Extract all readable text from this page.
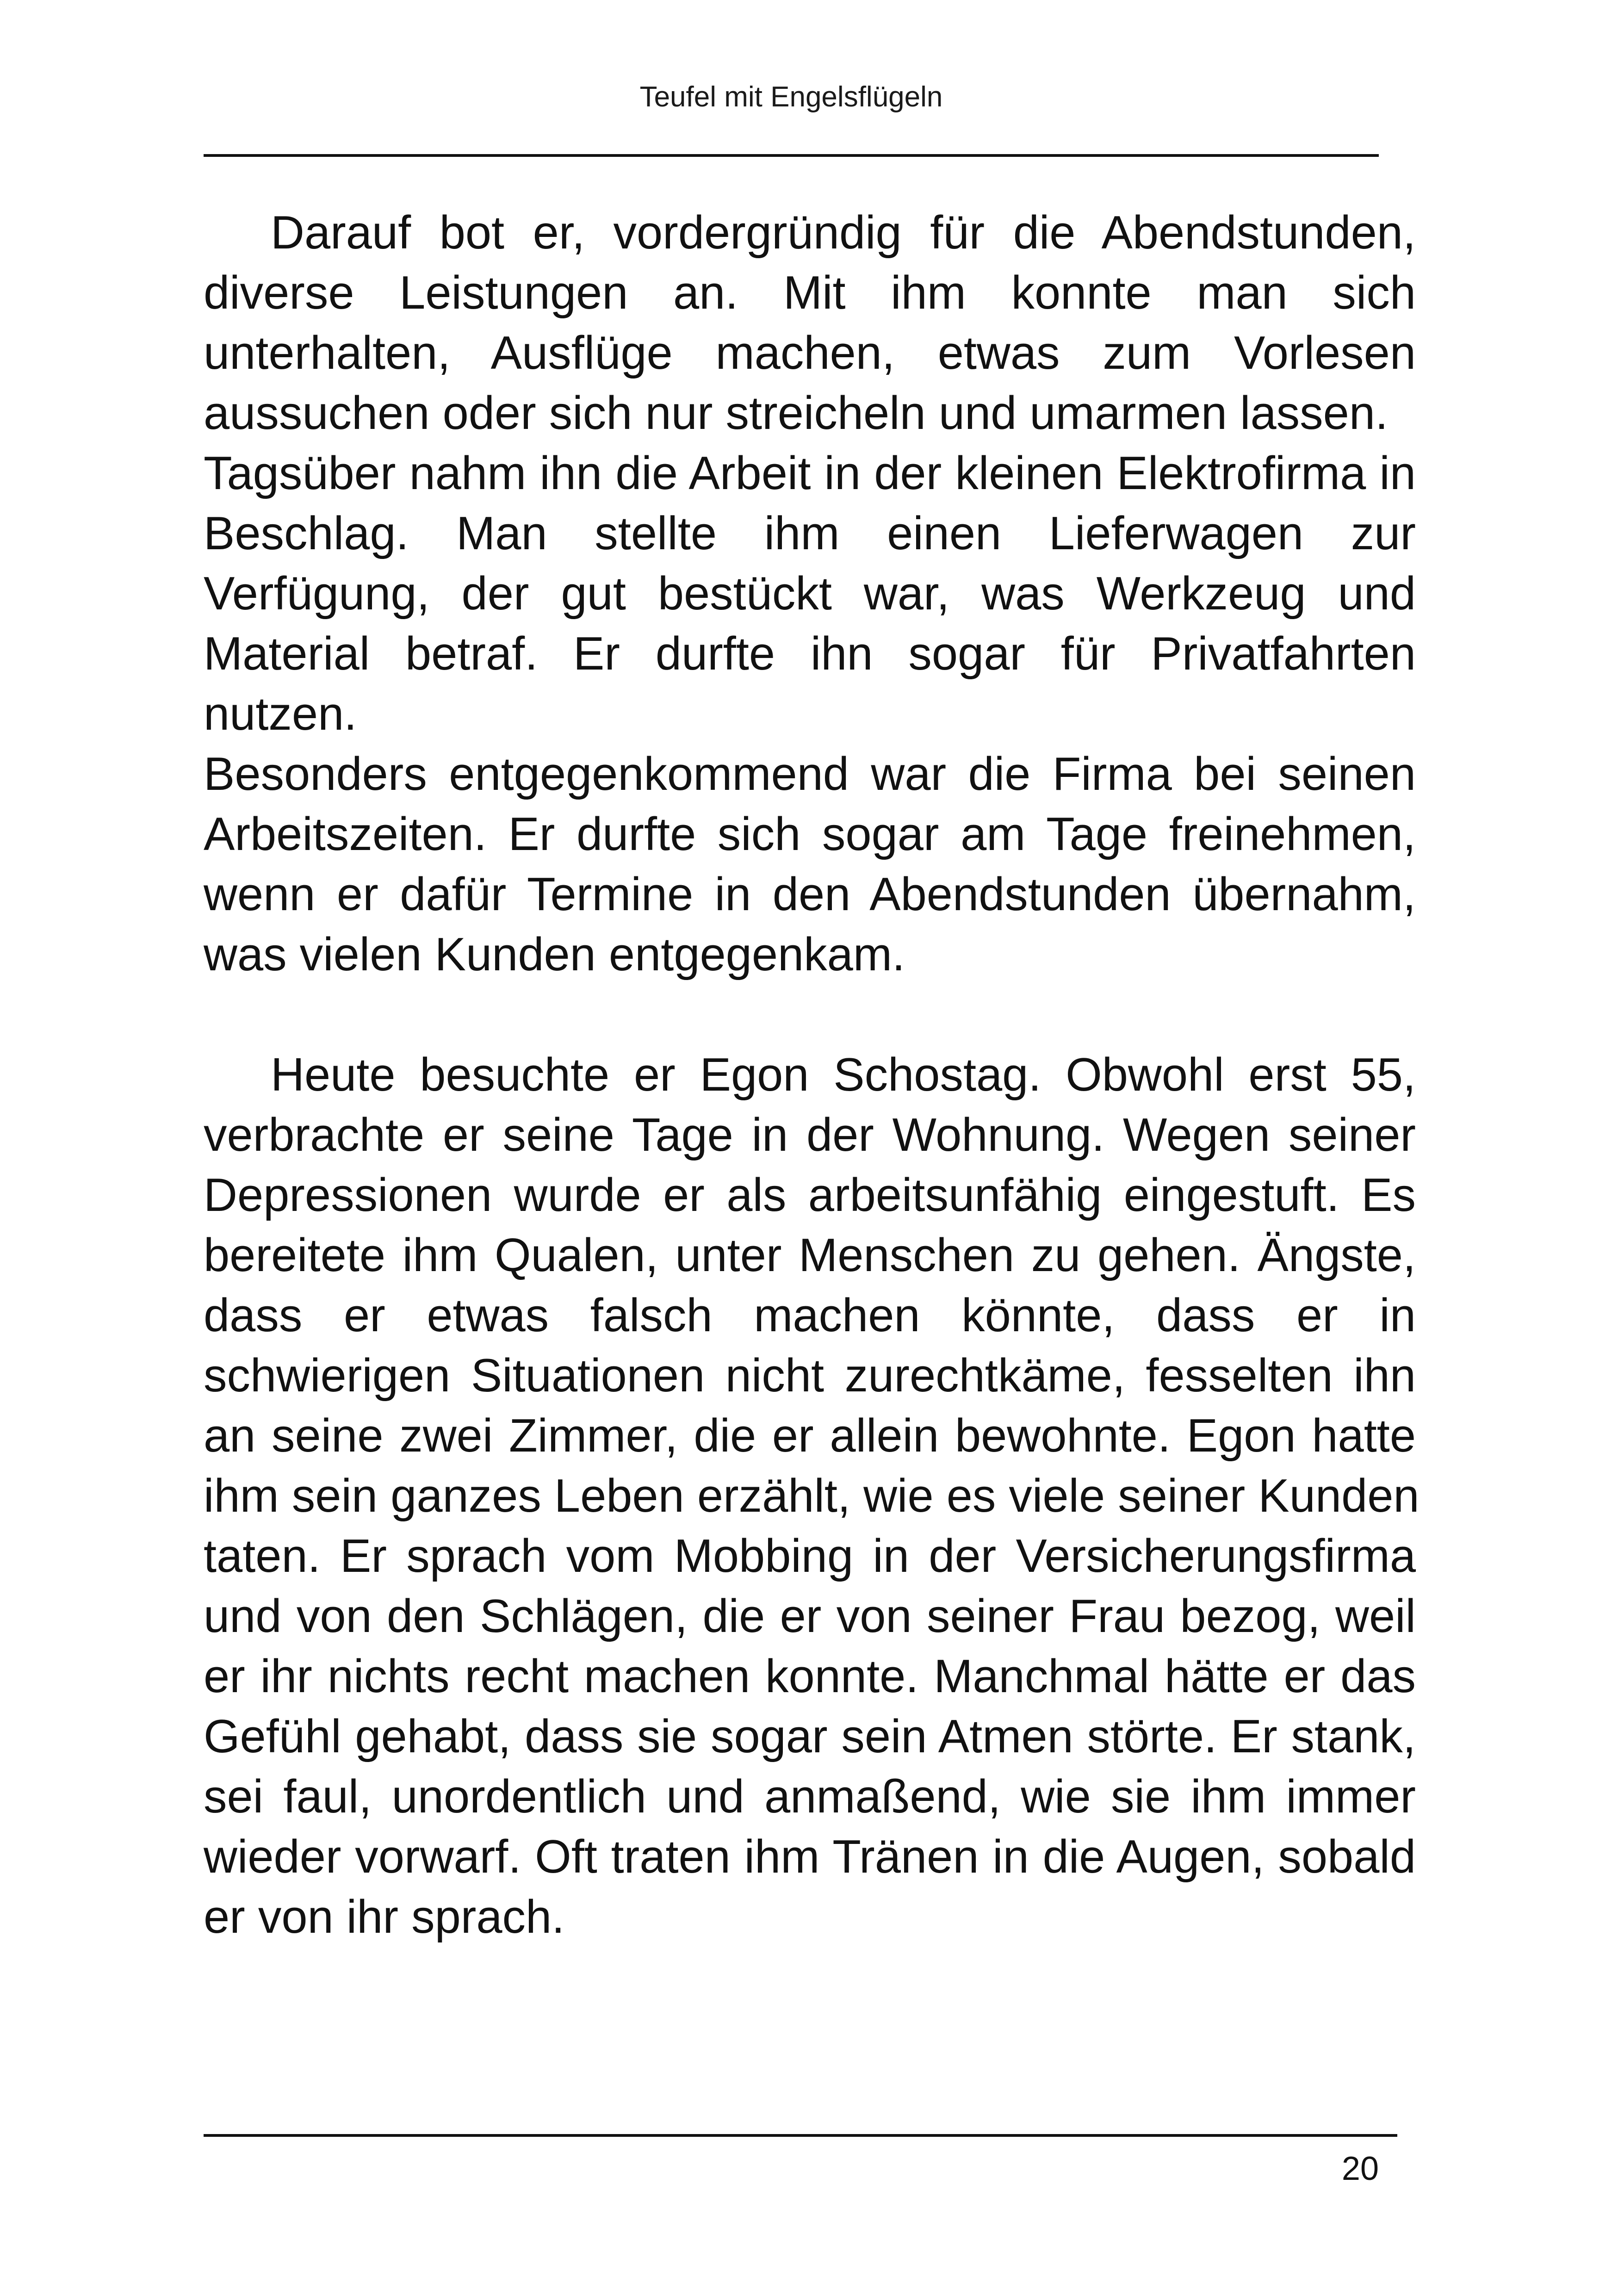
Teufel mit Engelsflügeln
Darauf bot er, vordergründig für die Abendstunden,
diverse Leistungen an. Mit ihm konnte man sich
unterhalten, Ausflüge machen, etwas zum Vorlesen
aussuchen oder sich nur streicheln und umarmen lassen.
Tagsüber nahm ihn die Arbeit in der kleinen Elektrofirma in
Beschlag. Man stellte ihm einen Lieferwagen zur
Verfügung, der gut bestückt war, was Werkzeug und
Material betraf. Er durfte ihn sogar für Privatfahrten
nutzen.
Besonders entgegenkommend war die Firma bei seinen
Arbeitszeiten. Er durfte sich sogar am Tage freinehmen,
wenn er dafür Termine in den Abendstunden übernahm,
was vielen Kunden entgegenkam.
Heute besuchte er Egon Schostag. Obwohl erst 55,
verbrachte er seine Tage in der Wohnung. Wegen seiner
Depressionen wurde er als arbeitsunfähig eingestuft. Es
bereitete ihm Qualen, unter Menschen zu gehen. Ängste,
dass er etwas falsch machen könnte, dass er in
schwierigen Situationen nicht zurechtkäme, fesselten ihn
an seine zwei Zimmer, die er allein bewohnte. Egon hatte
ihm sein ganzes Leben erzählt, wie es viele seiner Kunden
taten. Er sprach vom Mobbing in der Versicherungsfirma
und von den Schlägen, die er von seiner Frau bezog, weil
er ihr nichts recht machen konnte. Manchmal hätte er das
Gefühl gehabt, dass sie sogar sein Atmen störte. Er stank,
sei faul, unordentlich und anmaßend, wie sie ihm immer
wieder vorwarf. Oft traten ihm Tränen in die Augen, sobald
er von ihr sprach.
20
